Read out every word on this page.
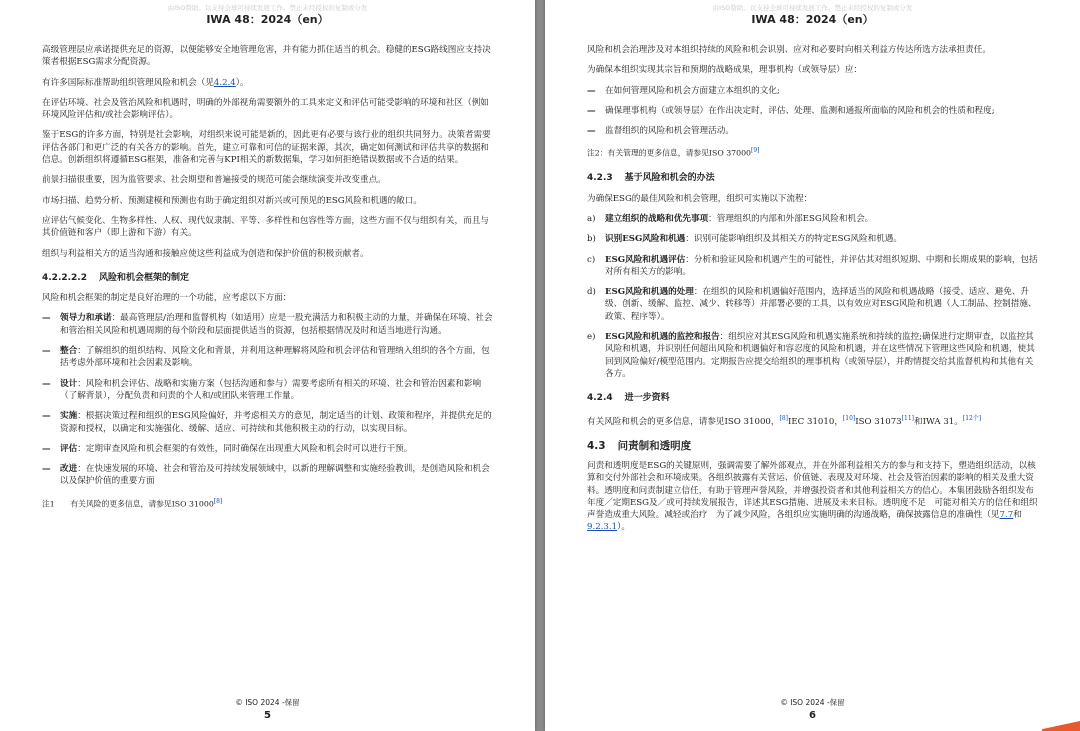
由ISO赞助。以支持全球可持续发展工作。禁止未经授权的复制或分发
IWA 48：2024（en）

高级管理层应承诺提供充足的资源，以便能够安全地管理危害，并有能力抓住适当的机会。稳健的ESG路线图应支持决策者根据ESG需求分配资源。

有许多国际标准帮助组织管理风险和机会（见4.2.4）。

在评估环境、社会及管治风险和机遇时，明确的外部视角需要额外的工具来定义和评估可能受影响的环境和社区（例如环境风险评估和/或社会影响评估）。

鉴于ESG的许多方面，特别是社会影响，对组织来说可能是新的，因此更有必要与该行业的组织共同努力。决策者需要评估各部门和更广泛的有关各方的影响。首先，建立可靠和可信的证据来源，其次，确定如何测试和评估共享的数据和信息。创新组织将遵循ESG框架，准备和完善与KPI相关的新数据集，学习如何拒绝错误数据或不合适的结果。

前景扫描很重要，因为监管要求、社会期望和普遍接受的规范可能会继续演变并改变重点。

市场扫描、趋势分析、预测建模和预测也有助于确定组织对新兴或可预见的ESG风险和机遇的敞口。

应评估气候变化、生物多样性、人权、现代奴隶制、平等、多样性和包容性等方面，这些方面不仅与组织有关，而且与其价值链和客户（即上游和下游）有关。

组织与利益相关方的适当沟通和接触应使这些利益成为创造和保护价值的积极贡献者。

4.2.2.2.2 风险和机会框架的制定

风险和机会框架的制定是良好治理的一个功能，应考虑以下方面：

—	领导力和承诺：最高管理层/治理和监督机构（如适用）应是一股充满活力和积极主动的力量，并确保在环境、社会和管治相关风险和机遇周期的每个阶段和层面提供适当的资源，包括根据情况及时和适当地进行沟通。
—	整合：了解组织的组织结构、风险文化和背景，并利用这种理解将风险和机会评估和管理纳入组织的各个方面，包括考虑外部环境和社会因素及影响。
—	设计：风险和机会评估、战略和实施方案（包括沟通和参与）需要考虑所有相关的环境、社会和管治因素和影响（了解背景），分配负责和问责的个人和/或团队来管理工作量。
—	实施：根据决策过程和组织的ESG风险偏好，并考虑相关方的意见，制定适当的计划、政策和程序，并提供充足的资源和授权，以确定和实施强化、缓解、适应、可持续和其他积极主动的行动，以实现目标。
—	评估：定期审查风险和机会框架的有效性，同时确保在出现重大风险和机会时可以进行干预。
—	改进：在快速发展的环境、社会和管治及可持续发展领域中，以新的理解调整和实施经验教训，是创造风险和机会以及保护价值的重要方面

注1　　 有关风险的更多信息，请参见ISO 31000[8]

© ISO 2024 -保留
5
由ISO赞助。以支持全球可持续发展工作。禁止未经授权的复制或分发
IWA 48：2024（en）

风险和机会治理涉及对本组织持续的风险和机会识别、应对和必要时向相关利益方传达所选方法承担责任。

为确保本组织实现其宗旨和预期的战略成果，理事机构（或领导层）应：

—	在如何管理风险和机会方面建立本组织的文化;
—	确保理事机构（或领导层）在作出决定时，评估、处理、监测和通报所面临的风险和机会的性质和程度;
—	监督组织的风险和机会管理活动。

注2：有关管理的更多信息，请参见ISO 37000[9]

4.2.3 基于风险和机会的办法

为确保ESG的最佳风险和机会管理，组织可实施以下流程：

a)	建立组织的战略和优先事项：管理组织的内部和外部ESG风险和机会。
b)	识别ESG风险和机遇：识别可能影响组织及其相关方的特定ESG风险和机遇。
c)	ESG风险和机遇评估：分析和验证风险和机遇产生的可能性，并评估其对组织短期、中期和长期成果的影响，包括对所有相关方的影响。
d)	ESG风险和机遇的处理：在组织的风险和机遇偏好范围内，选择适当的风险和机遇战略（接受、适应、避免、升级、创新、缓解、监控、减少、转移等）并部署必要的工具，以有效应对ESG风险和机遇（人工制品、控制措施、政策、程序等）。
e)	ESG风险和机遇的监控和报告：组织应对其ESG风险和机遇实施系统和持续的监控;确保进行定期审查，以监控其风险和机遇，并识别任何超出风险和机遇偏好和容忍度的风险和机遇，并在这些情况下管理这些风险和机遇，使其回到风险偏好/模型范围内。定期报告应提交给组织的理事机构（或领导层），并酌情提交给其监督机构和其他有关各方。
4.2.4 进一步资料

有关风险和机会的更多信息，请参见ISO 31000，[8]IEC 31010，[10]ISO 31073[11]和IWA 31。[12个]

4.3 问责制和透明度

问责和透明度是ESG的关键原则，强调需要了解外部观点，并在外部利益相关方的参与和支持下，塑造组织活动，以核算和交付外部社会和环境成果。各组织披露有关营运、价值链、表现及对环境、社会及管治因素的影响的相关及重大资料。透明度和问责制建立信任，有助于管理声誉风险，并增强投资者和其他利益相关方的信心。本集团鼓励各组织发布年度／定期ESG及／或可持续发展报告，详述其ESG措施、进展及未来目标。透明度不足　可能对相关方的信任和组织声誉造成重大风险。减轻或治疗　为了减少风险，各组织应实施明确的沟通战略，确保披露信息的准确性（见7.7和9.2.3.1）。

© ISO 2024 -保留
6
